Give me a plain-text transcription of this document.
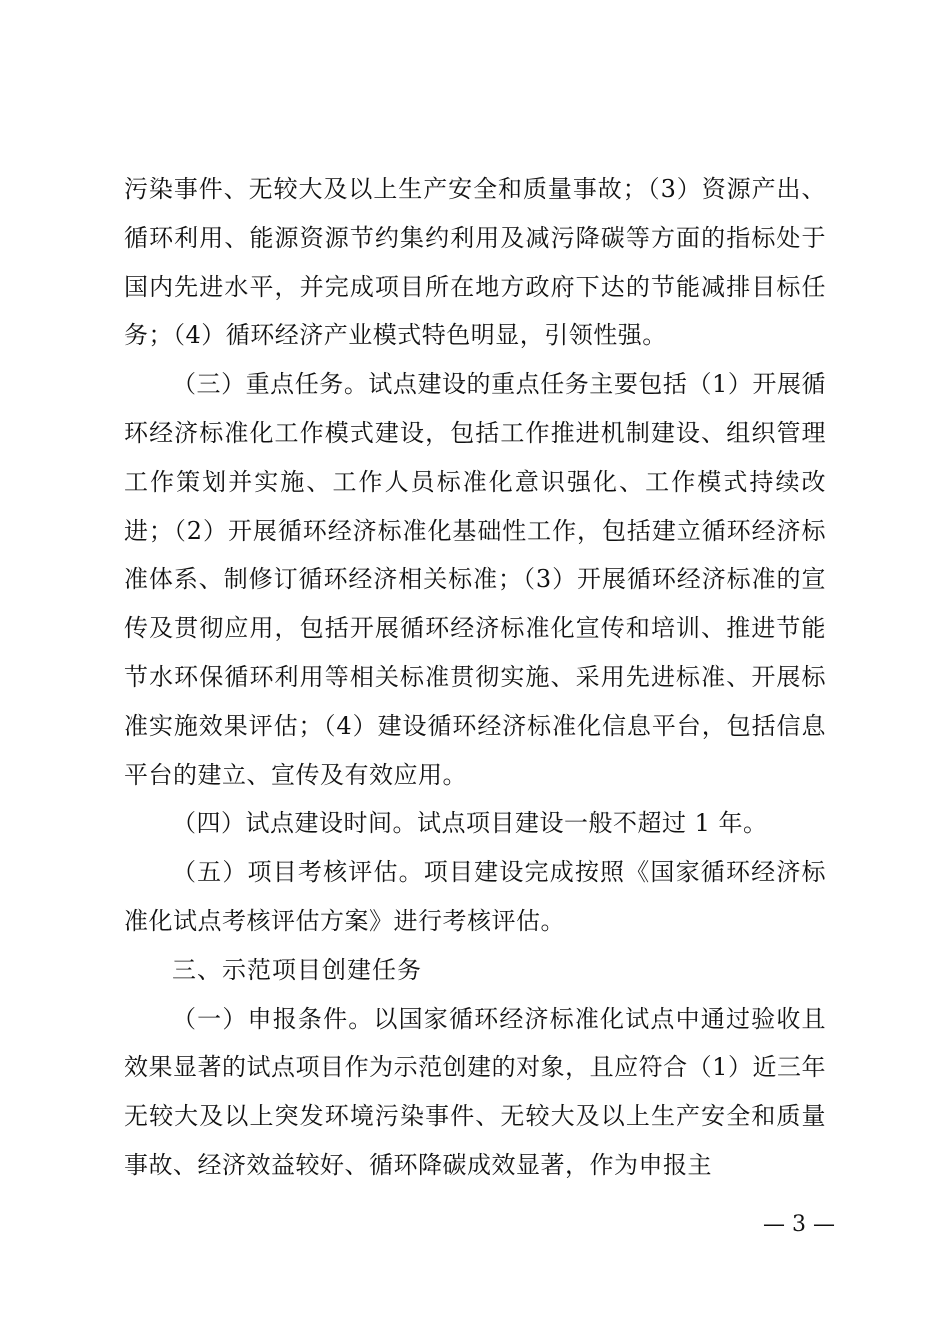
污染事件、无较大及以上生产安全和质量事故；（3）资源产出、循环利用、能源资源节约集约利用及减污降碳等方面的指标处于国内先进水平，并完成项目所在地方政府下达的节能减排目标任务；（4）循环经济产业模式特色明显，引领性强。

（三）重点任务。试点建设的重点任务主要包括（1）开展循环经济标准化工作模式建设，包括工作推进机制建设、组织管理工作策划并实施、工作人员标准化意识强化、工作模式持续改进；（2）开展循环经济标准化基础性工作，包括建立循环经济标准体系、制修订循环经济相关标准；（3）开展循环经济标准的宣传及贯彻应用，包括开展循环经济标准化宣传和培训、推进节能节水环保循环利用等相关标准贯彻实施、采用先进标准、开展标准实施效果评估；（4）建设循环经济标准化信息平台，包括信息平台的建立、宣传及有效应用。

（四）试点建设时间。试点项目建设一般不超过 1 年。

（五）项目考核评估。项目建设完成按照《国家循环经济标准化试点考核评估方案》进行考核评估。

三、示范项目创建任务

（一）申报条件。以国家循环经济标准化试点中通过验收且效果显著的试点项目作为示范创建的对象，且应符合（1）近三年无较大及以上突发环境污染事件、无较大及以上生产安全和质量事故、经济效益较好、循环降碳成效显著，作为申报主

— 3 —
